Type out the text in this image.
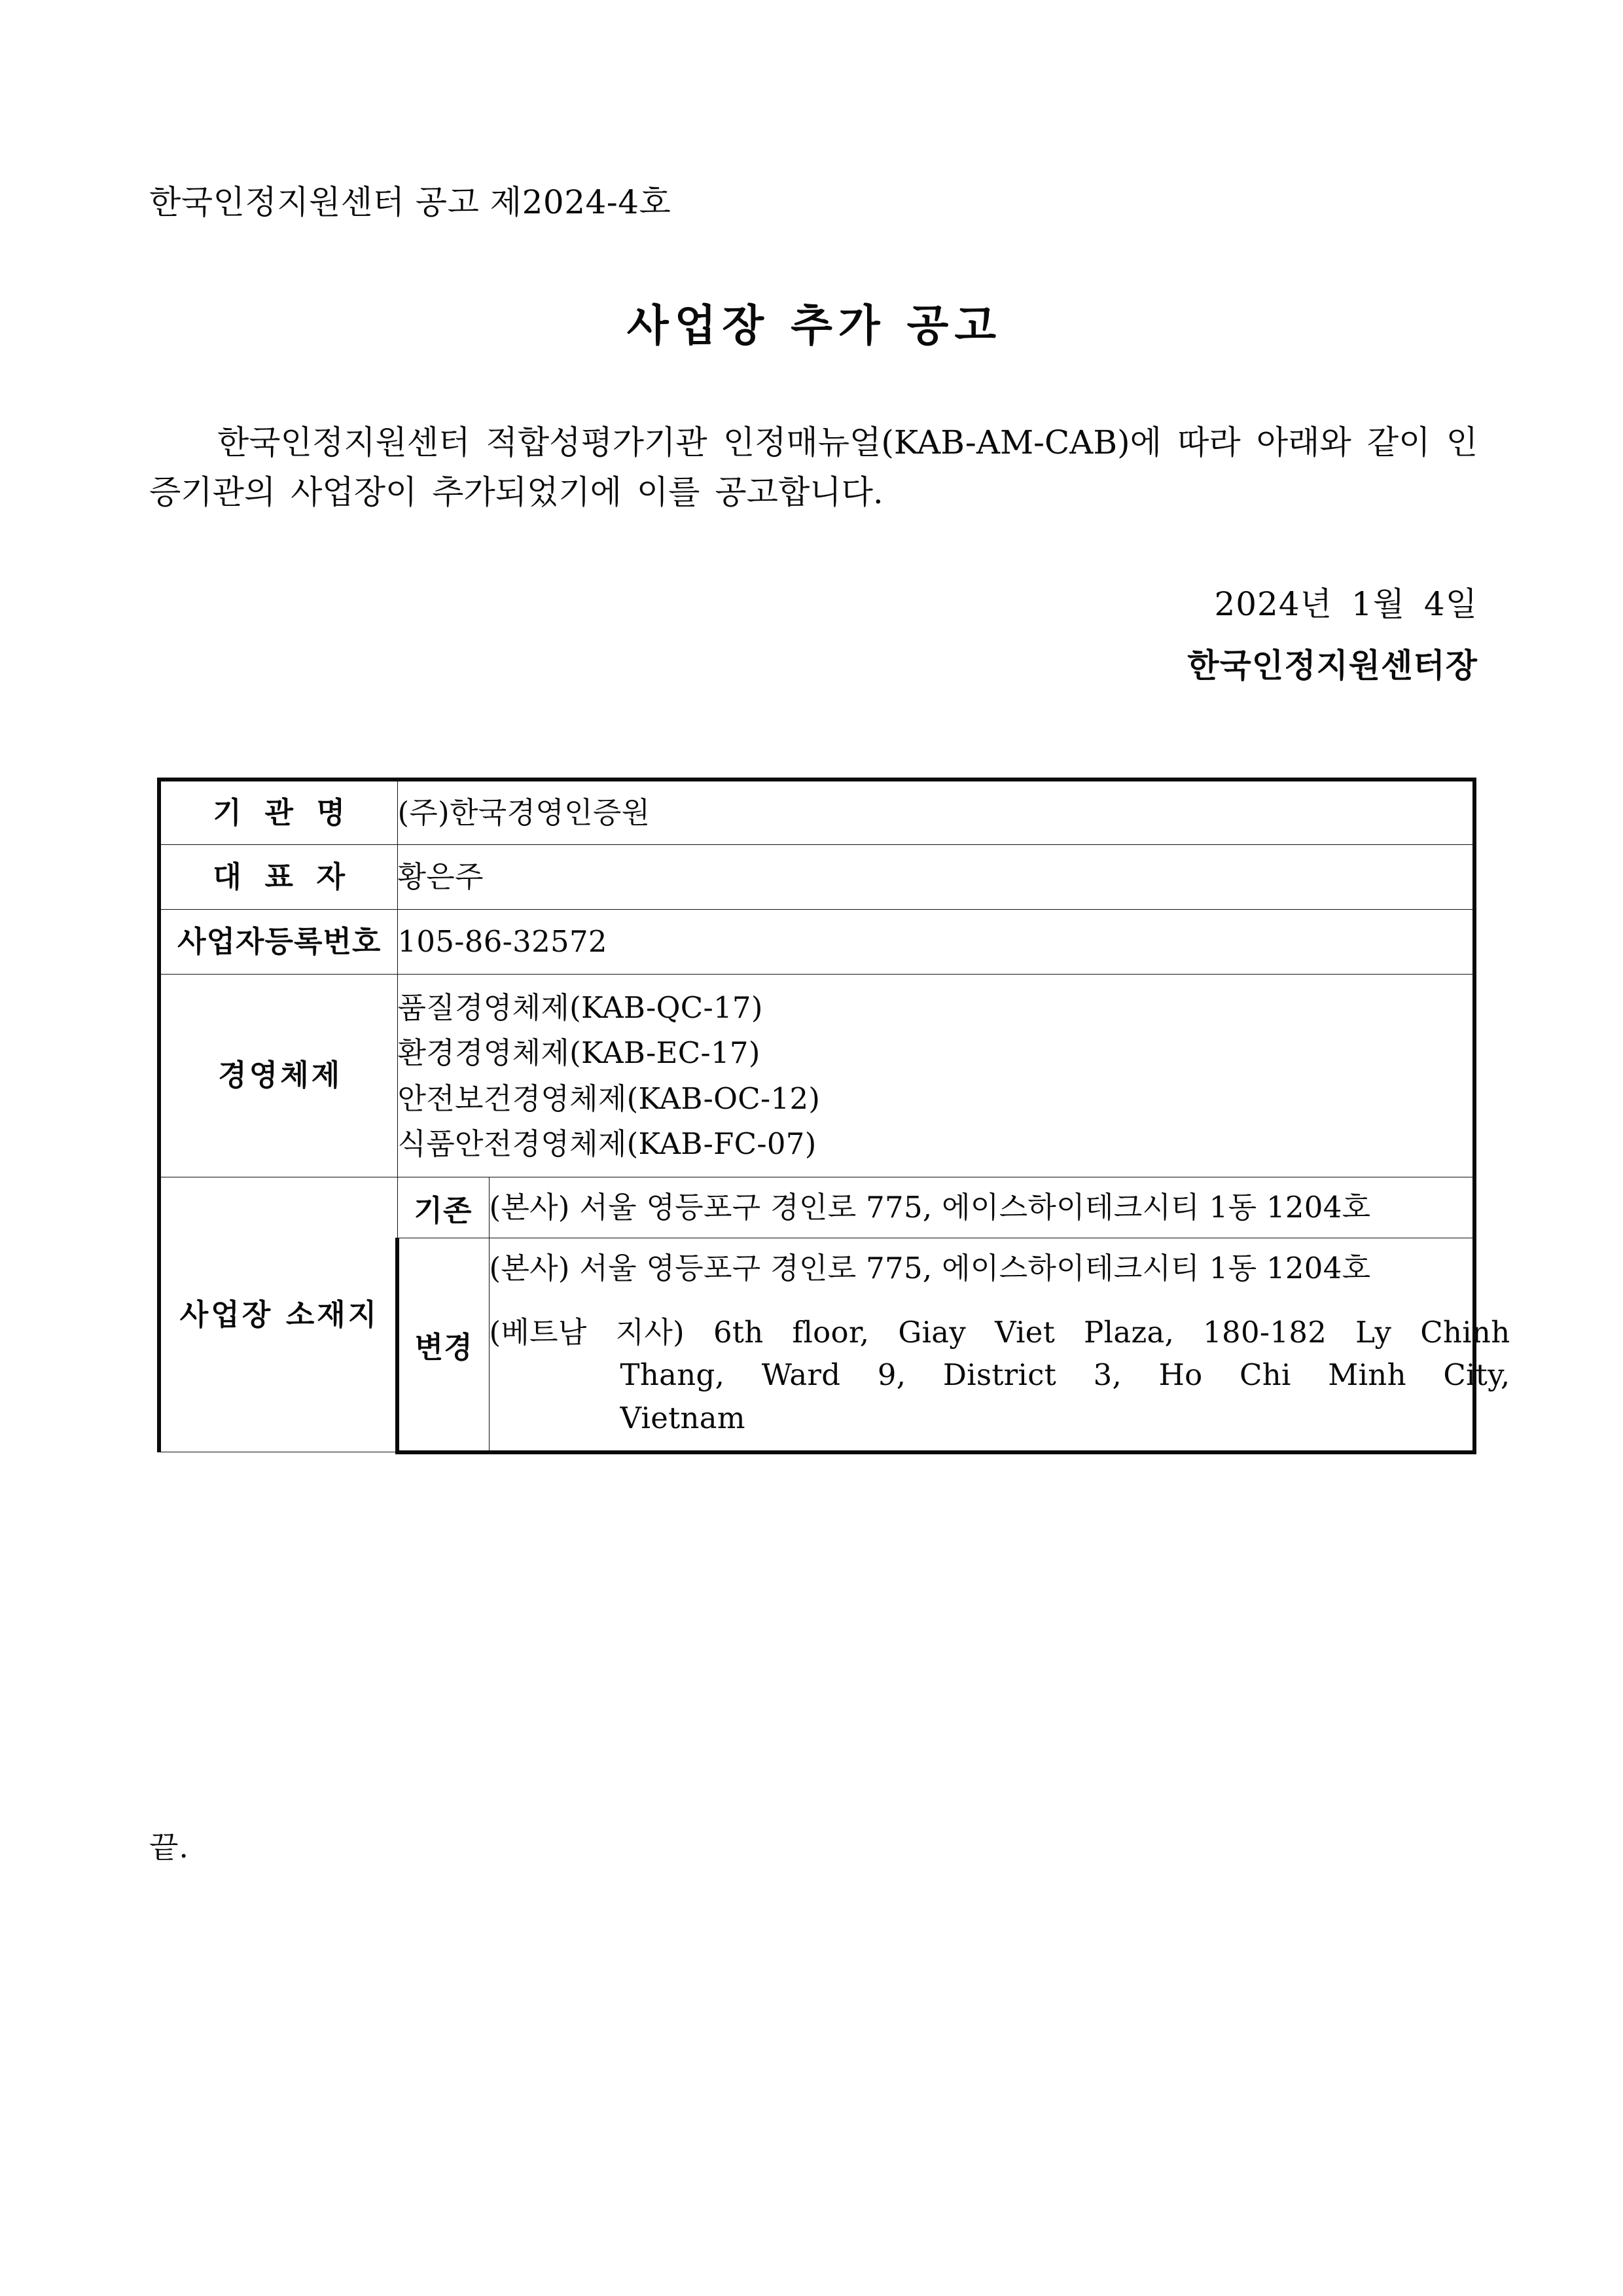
한국인정지원센터 공고 제2024-4호
사업장 추가 공고
한국인정지원센터 적합성평가기관 인정매뉴얼(KAB-AM-CAB)에 따라 아래와 같이 인증기관의 사업장이 추가되었기에 이를 공고합니다.
2024년 1월 4일
한국인정지원센터장
기 관 명	(주)한국경영인증원	
대 표 자	황은주	
사업자등록번호	105-86-32572	
경영체제	품질경영체제(KAB-QC-17)
환경경영체제(KAB-EC-17)
안전보건경영체제(KAB-OC-12)
식품안전경영체제(KAB-FC-07)	

사업장 소재지	기존	(본사) 서울 영등포구 경인로 775, 에이스하이테크시티 1동 1204호
	변경	(본사) 서울 영등포구 경인로 775, 에이스하이테크시티 1동 1204호
(베트남 지사) 6th floor, Giay Viet Plaza, 180-182 Ly Chinh
Thang, Ward 9, District 3, Ho Chi Minh City,
Vietnam
끝.
